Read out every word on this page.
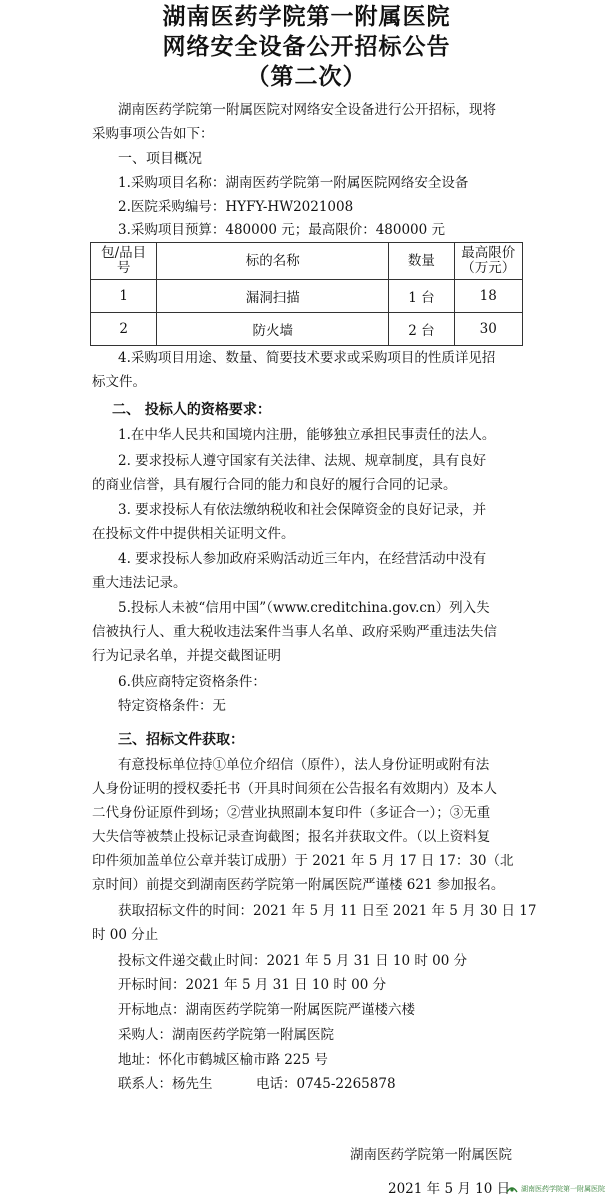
湖南医药学院第一附属医院
网络安全设备公开招标公告
（第二次）
湖南医药学院第一附属医院对网络安全设备进行公开招标，现将
采购事项公告如下：
一、项目概况
1.采购项目名称：湖南医药学院第一附属医院网络安全设备
2.医院采购编号：HYFY-HW2021008
3.采购项目预算：480000 元；最高限价：480000 元
包/品目
号	标的名称	数量	最高限价
（万元）
1	漏洞扫描	1 台	18
2	防火墙	2 台	30
4.采购项目用途、数量、简要技术要求或采购项目的性质详见招
标文件。
二、 投标人的资格要求：
1.在中华人民共和国境内注册，能够独立承担民事责任的法人。
2. 要求投标人遵守国家有关法律、法规、规章制度，具有良好
的商业信誉，具有履行合同的能力和良好的履行合同的记录。
3. 要求投标人有依法缴纳税收和社会保障资金的良好记录，并
在投标文件中提供相关证明文件。
4. 要求投标人参加政府采购活动近三年内，在经营活动中没有
重大违法记录。
5.投标人未被“信用中国”（www.creditchina.gov.cn）列入失
信被执行人、重大税收违法案件当事人名单、政府采购严重违法失信
行为记录名单，并提交截图证明
6.供应商特定资格条件：
特定资格条件：无
三、招标文件获取：
有意投标单位持①单位介绍信（原件），法人身份证明或附有法
人身份证明的授权委托书（开具时间须在公告报名有效期内）及本人
二代身份证原件到场；②营业执照副本复印件（多证合一）；③无重
大失信等被禁止投标记录查询截图；报名并获取文件。（以上资料复
印件须加盖单位公章并装订成册）于 2021 年 5 月 17 日 17：30（北
京时间）前提交到湖南医药学院第一附属医院严谨楼 621 参加报名。
获取招标文件的时间：2021 年 5 月 11 日至 2021 年 5 月 30 日 17
时 00 分止
投标文件递交截止时间：2021 年 5 月 31 日 10 时 00 分
开标时间：2021 年 5 月 31 日 10 时 00 分
开标地点：湖南医药学院第一附属医院严谨楼六楼
采购人：湖南医药学院第一附属医院
地址：怀化市鹤城区榆市路 225 号
联系人：杨先生	电话：0745-2265878
湖南医药学院第一附属医院
2021 年 5 月 10 日 湖南医药学院第一附属医院
